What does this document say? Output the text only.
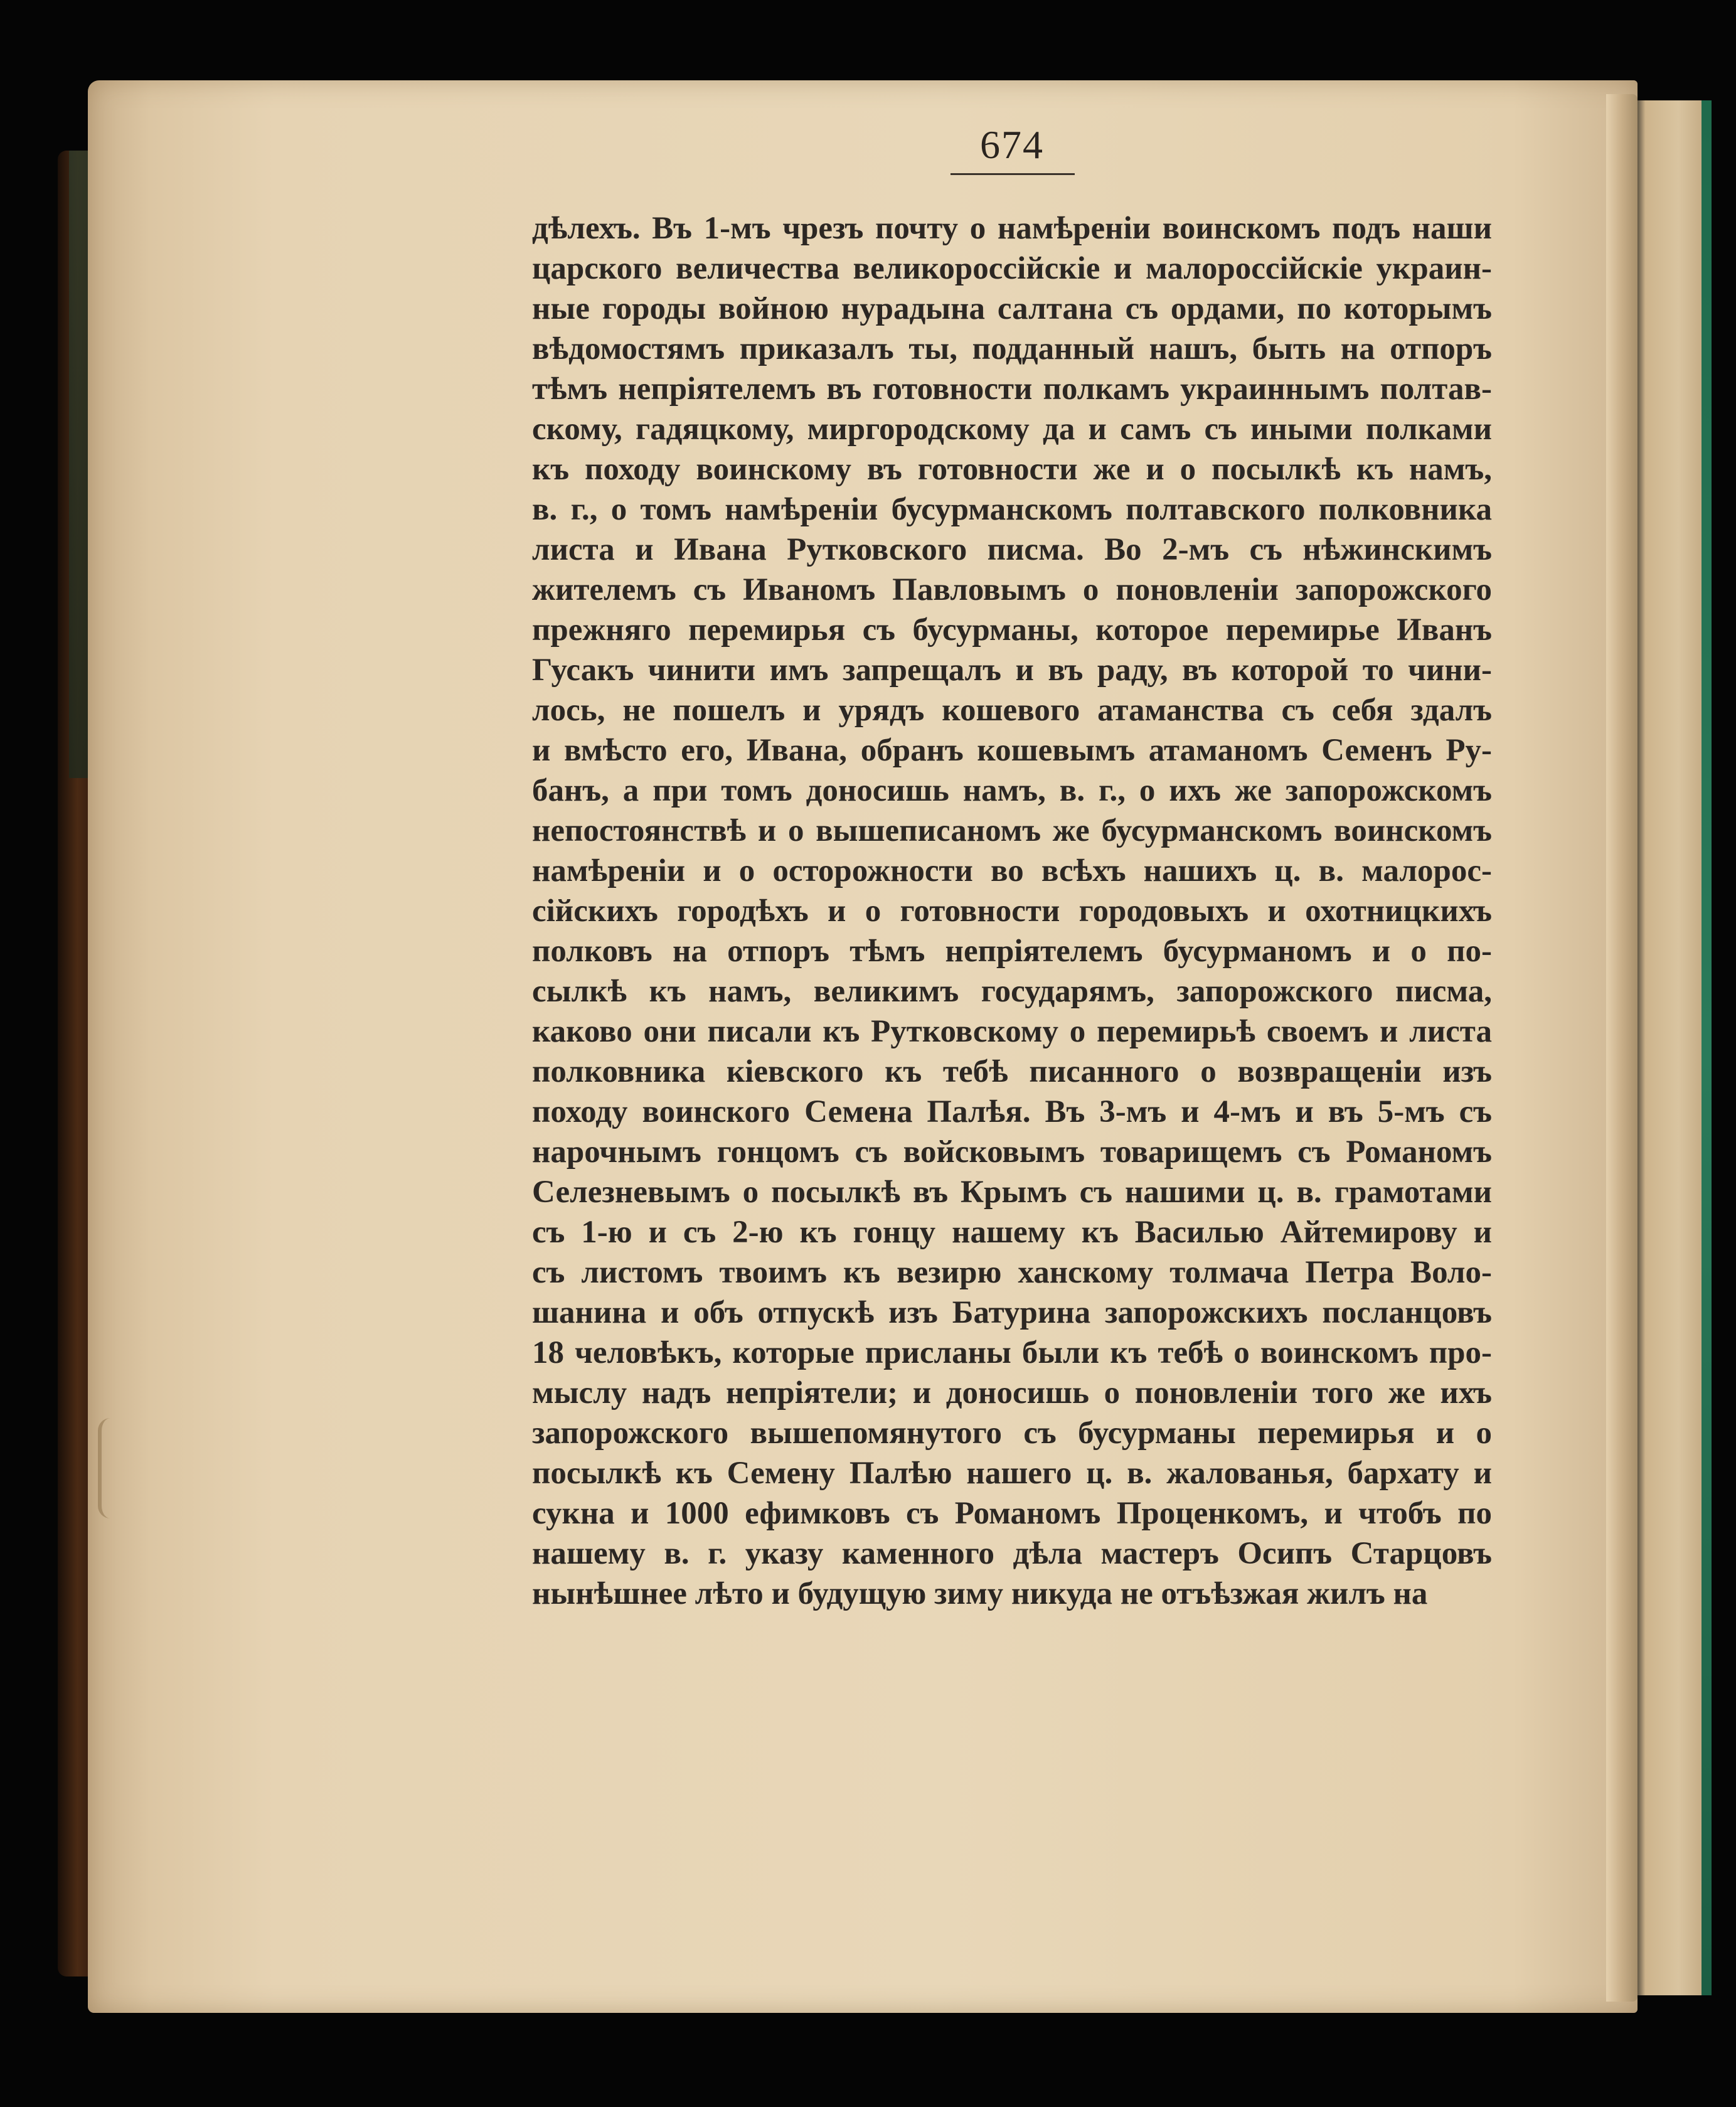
674
дѣлехъ. Въ 1-мъ чрезъ почту о намѣреніи воинскомъ подъ наши
царского величества великороссійскіе и малороссійскіе украин-
ные городы войною нурадына салтана съ ордами, по которымъ
вѣдомостямъ приказалъ ты, подданный нашъ, быть на отпоръ
тѣмъ непріятелемъ въ готовности полкамъ украиннымъ полтав-
скому, гадяцкому, миргородскому да и самъ съ иными полками
къ походу воинскому въ готовности же и о посылкѣ къ намъ,
в. г., о томъ намѣреніи бусурманскомъ полтавского полковника
листа и Ивана Рутковского писма. Во 2-мъ съ нѣжинскимъ
жителемъ съ Иваномъ Павловымъ о поновленіи запорожского
прежняго перемирья съ бусурманы, которое перемирье Иванъ
Гусакъ чинити имъ запрещалъ и въ раду, въ которой то чини-
лось, не пошелъ и урядъ кошевого атаманства съ себя здалъ
и вмѣсто его, Ивана, обранъ кошевымъ атаманомъ Семенъ Ру-
банъ, а при томъ доносишь намъ, в. г., о ихъ же запорожскомъ
непостоянствѣ и о вышеписаномъ же бусурманскомъ воинскомъ
намѣреніи и о осторожности во всѣхъ нашихъ ц. в. малорос-
сійскихъ городѣхъ и о готовности городовыхъ и охотницкихъ
полковъ на отпоръ тѣмъ непріятелемъ бусурманомъ и о по-
сылкѣ къ намъ, великимъ государямъ, запорожского писма,
каково они писали къ Рутковскому о перемирьѣ своемъ и листа
полковника кіевского къ тебѣ писанного о возвращеніи изъ
походу воинского Семена Палѣя. Въ 3-мъ и 4-мъ и въ 5-мъ съ
нарочнымъ гонцомъ съ войсковымъ товарищемъ съ Романомъ
Селезневымъ о посылкѣ въ Крымъ съ нашими ц. в. грамотами
съ 1-ю и съ 2-ю къ гонцу нашему къ Василью Айтемирову и
съ листомъ твоимъ къ везирю ханскому толмача Петра Воло-
шанина и объ отпускѣ изъ Батурина запорожскихъ посланцовъ
18 человѣкъ, которые присланы были къ тебѣ о воинскомъ про-
мыслу надъ непріятели; и доносишь о поновленіи того же ихъ
запорожского вышепомянутого съ бусурманы перемирья и о
посылкѣ къ Семену Палѣю нашего ц. в. жалованья, бархату и
сукна и 1000 ефимковъ съ Романомъ Проценкомъ, и чтобъ по
нашему в. г. указу каменного дѣла мастеръ Осипъ Старцовъ
нынѣшнее лѣто и будущую зиму никуда не отъѣзжая жилъ на
